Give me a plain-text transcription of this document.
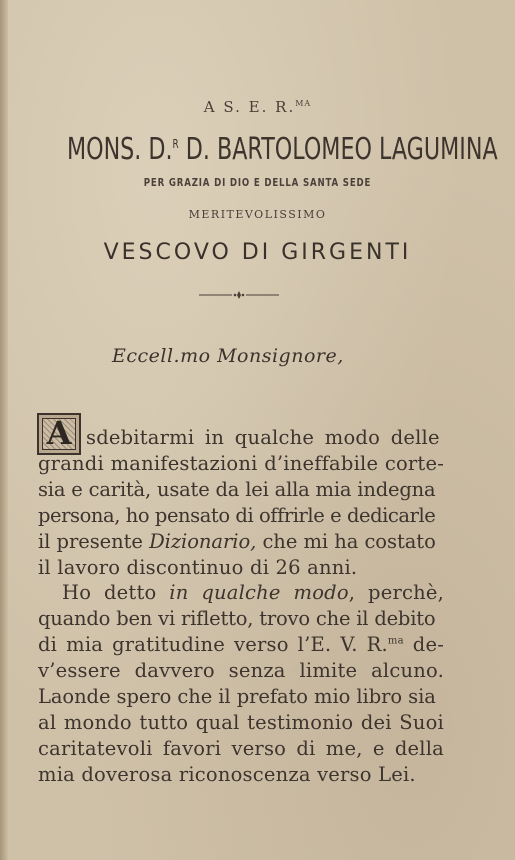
A S. E. R.$^{MA}$
MONS. D.$^R$ D. BARTOLOMEO LAGUMINA
PER GRAZIA DI DIO E DELLA SANTA SEDE
MERITEVOLISSIMO
VESCOVO DI GIRGENTI
Eccell.mo Monsignore,
A sdebitarmi in qualche modo delle
grandi manifestazioni d’ineffabile corte-
sia e carità, usate da lei alla mia indegna
persona, ho pensato di offrirle e dedicarle
il presente Dizionario, che mi ha costato
il lavoro discontinuo di 26 anni.
Ho detto in qualche modo, perchè,
quando ben vi rifletto, trovo che il debito
di mia gratitudine verso l’E. V. R.$^{ma}$ de-
v’essere davvero senza limite alcuno.
Laonde spero che il prefato mio libro sia
al mondo tutto qual testimonio dei Suoi
caritatevoli favori verso di me, e della
mia doverosa riconoscenza verso Lei.
